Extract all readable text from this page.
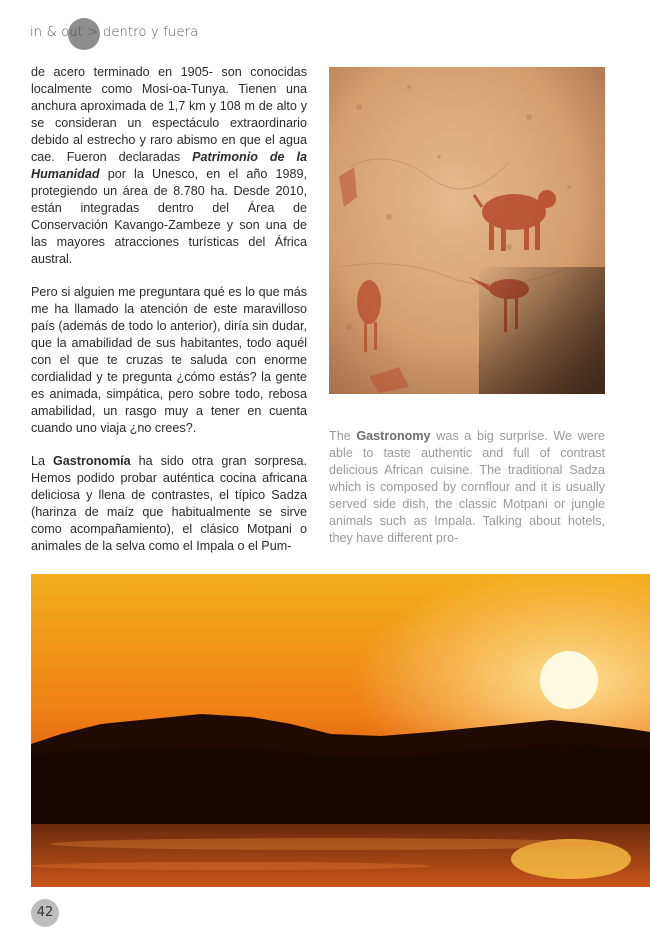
in & out > dentro y fuera

de acero terminado en 1905- son conocidas localmente como Mosi-oa-Tunya. Tienen una anchura aproximada de 1,7 km y 108 m de alto y se consideran un espectáculo extraordinario debido al estrecho y raro abismo en que el agua cae. Fueron declaradas Patrimonio de la Humanidad por la Unesco, en el año 1989, protegiendo un área de 8.780 ha. Desde 2010, están integradas dentro del Área de Conservación Kavango-Zambeze y son una de las mayores atracciones turísticas del África austral.

Pero si alguien me preguntara qué es lo que más me ha llamado la atención de este maravilloso país (además de todo lo anterior), diría sin dudar, que la amabilidad de sus habitantes, todo aquél con el que te cruzas te saluda con enorme cordialidad y te pregunta ¿cómo estás? la gente es animada, simpática, pero sobre todo, rebosa amabilidad, un rasgo muy a tener en cuenta cuando uno viaja ¿no crees?.

La Gastronomía ha sido otra gran sorpresa. Hemos podido probar auténtica cocina africana deliciosa y llena de contrastes, el típico Sadza (harinza de maíz que habitualmente se sirve como acompañamiento), el clásico Motpani o animales de la selva como el Impala o el Pum-

The Gastronomy was a big surprise. We were able to taste authentic and full of contrast delicious African cuisine. The traditional Sadza which is composed by cornflour and it is usually served side dish, the classic Motpani or jungle animals such as Impala. Talking about hotels, they have different pro-

42
